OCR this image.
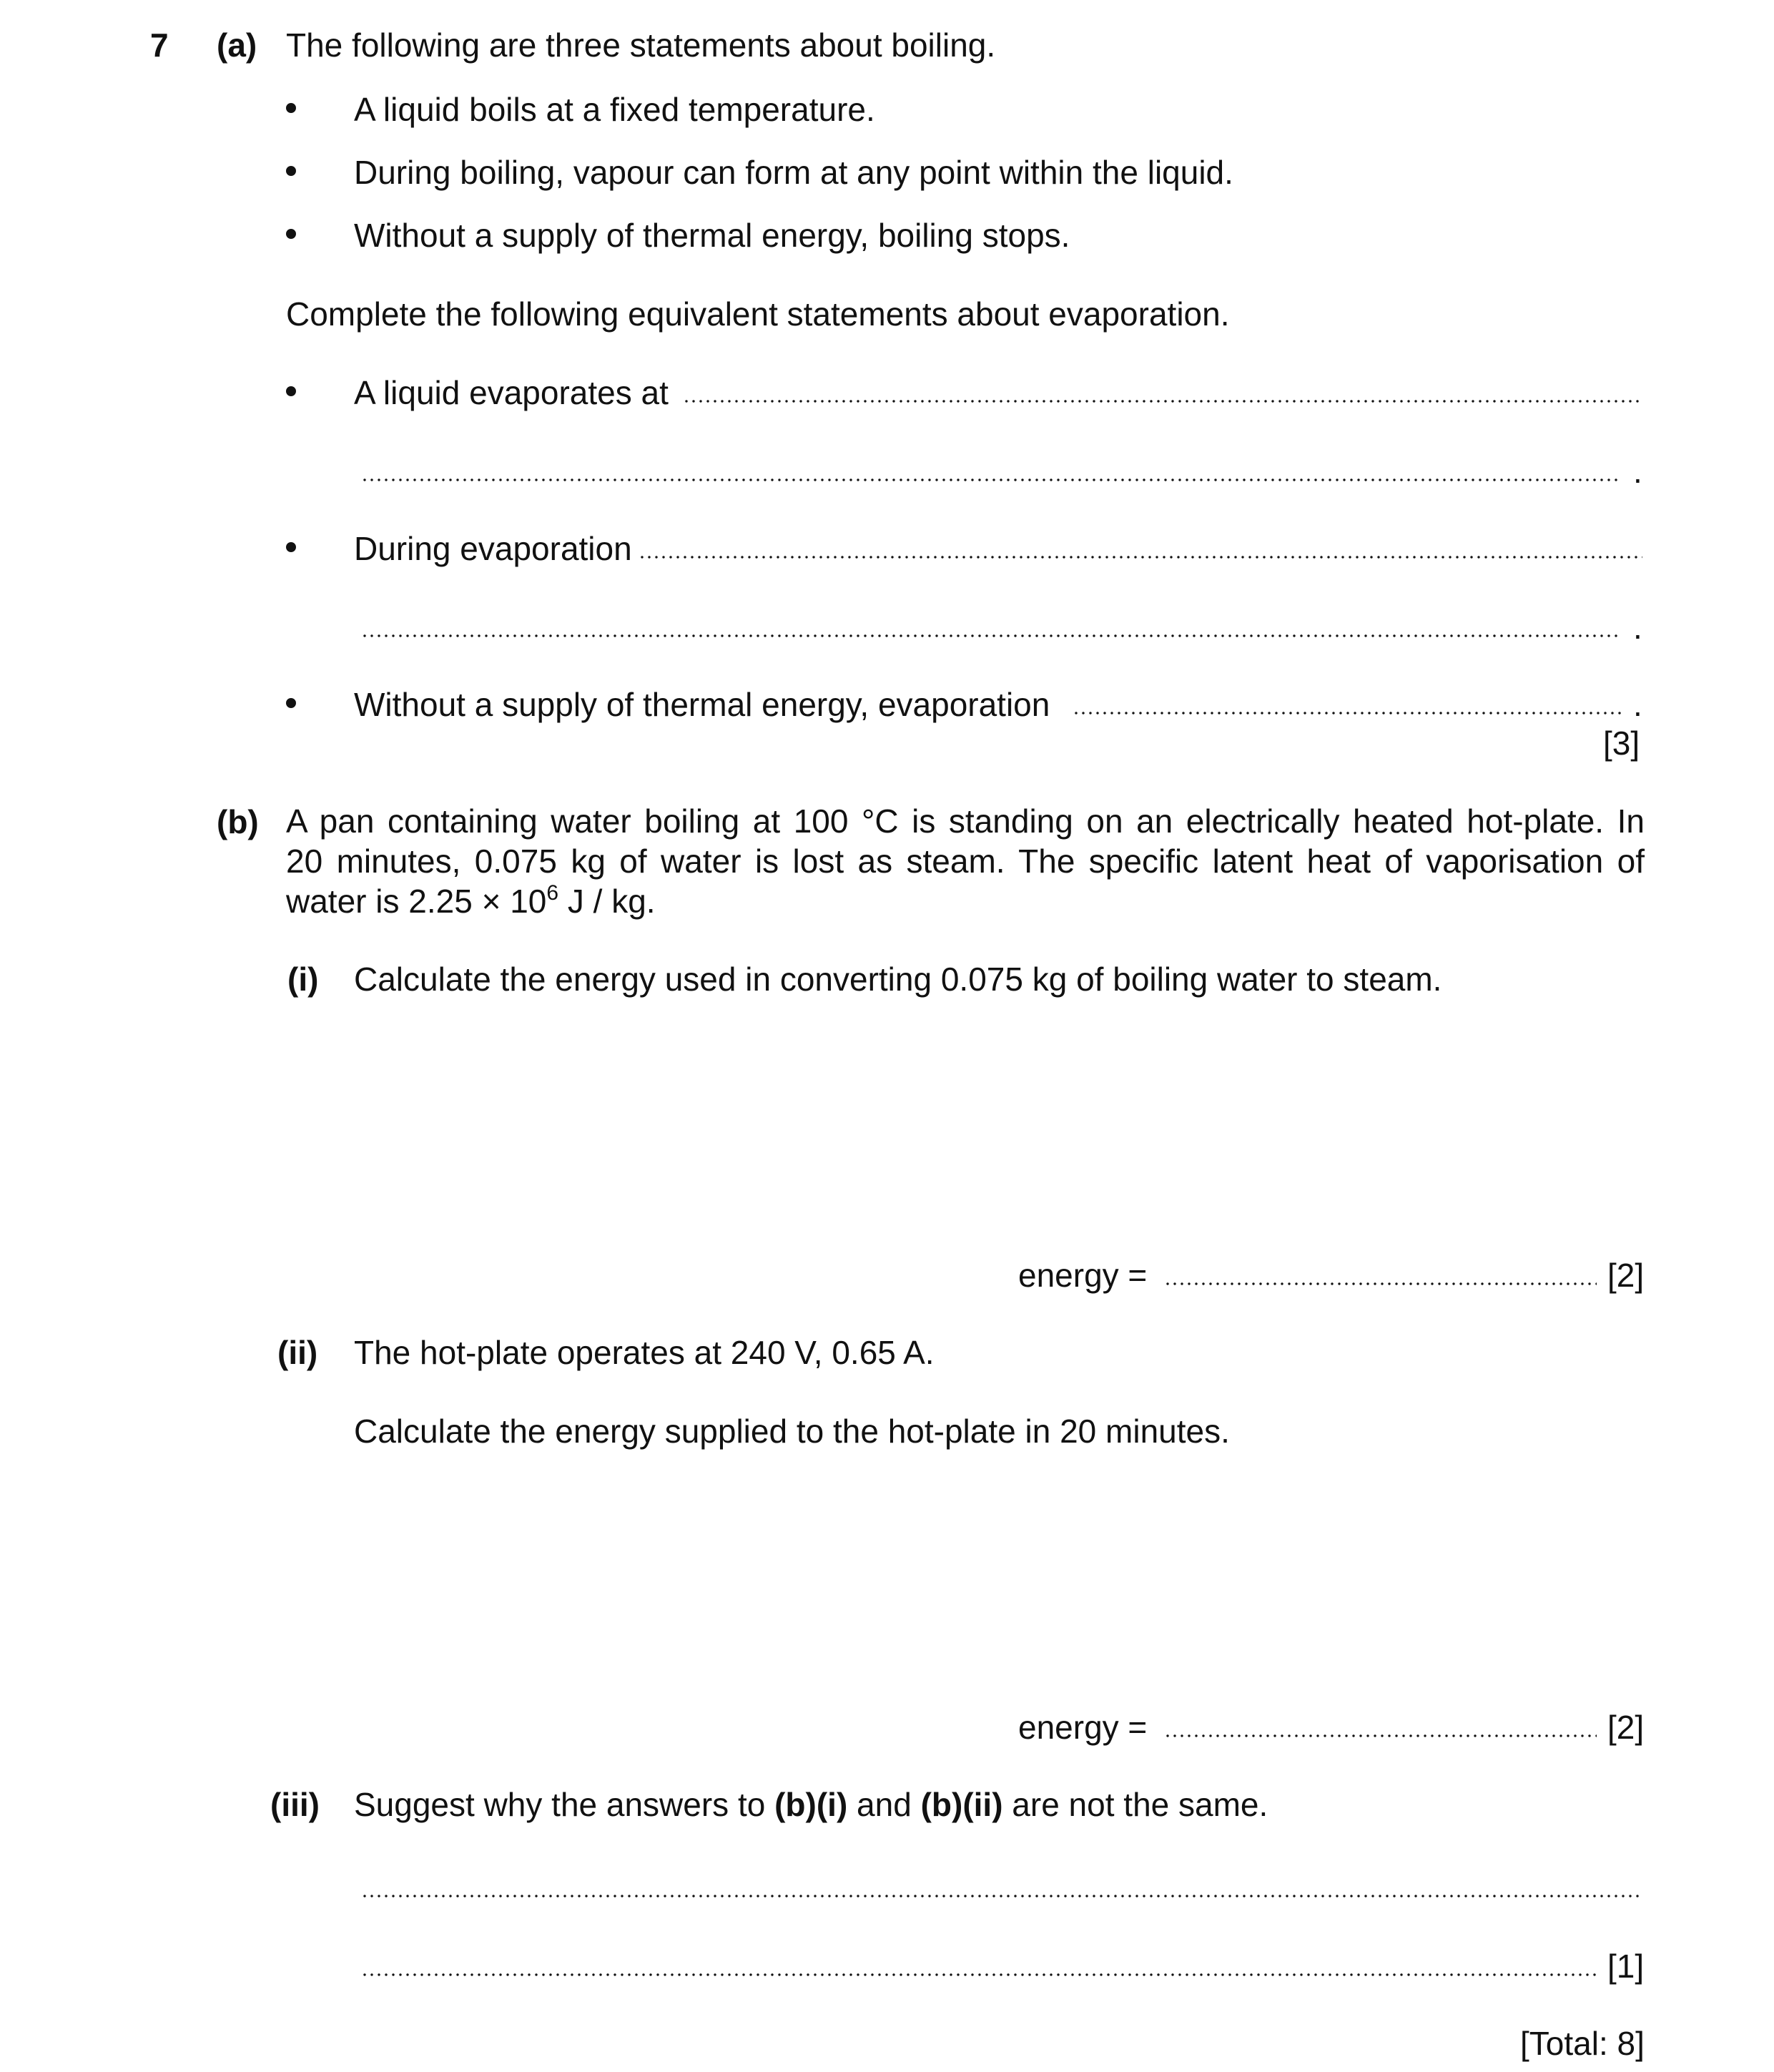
7 (a) The following are three statements about boiling.
A liquid boils at a fixed temperature.
During boiling, vapour can form at any point within the liquid.
Without a supply of thermal energy, boiling stops.
Complete the following equivalent statements about evaporation.
A liquid evaporates at
.
During evaporation
.
Without a supply of thermal energy, evaporation	.
[3]
(b) A pan containing water boiling at 100 °C is standing on an electrically heated hot-plate. In
20 minutes, 0.075 kg of water is lost as steam. The specific latent heat of vaporisation of
water is $2.25 \times 10^6$ J / kg.
(i) Calculate the energy used in converting 0.075 kg of boiling water to steam.
energy =	[2]
(ii) The hot-plate operates at 240 V, 0.65 A.
Calculate the energy supplied to the hot-plate in 20 minutes.
energy =	[2]
(iii) Suggest why the answers to (b)(i) and (b)(ii) are not the same.
[1]
[Total: 8]
